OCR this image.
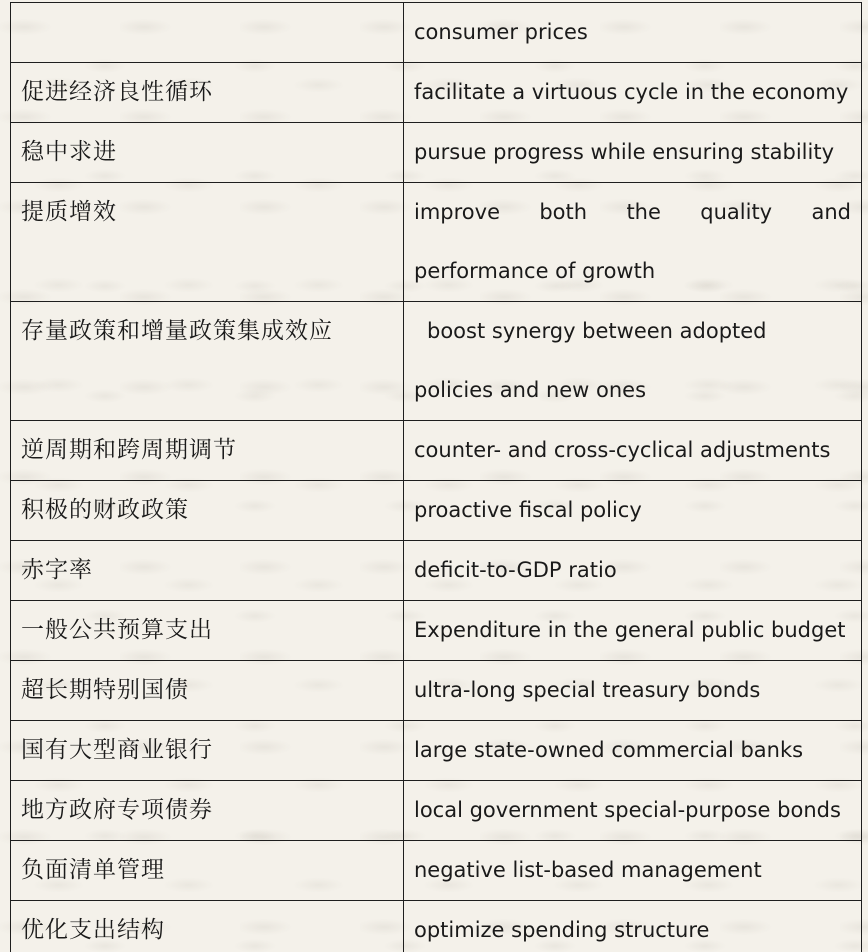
	consumer prices
促进经济良性循环	facilitate a virtuous cycle in the economy
稳中求进	pursue progress while ensuring stability
提质增效	improve both the quality and performance of growth
存量政策和增量政策集成效应	boost synergy between adopted policies and new ones
逆周期和跨周期调节	counter- and cross-cyclical adjustments
积极的财政政策	proactive fiscal policy
赤字率	deficit-to-GDP ratio
一般公共预算支出	Expenditure in the general public budget
超长期特别国债	ultra-long special treasury bonds
国有大型商业银行	large state-owned commercial banks
地方政府专项债券	local government special-purpose bonds
负面清单管理	negative list-based management
优化支出结构	optimize spending structure
